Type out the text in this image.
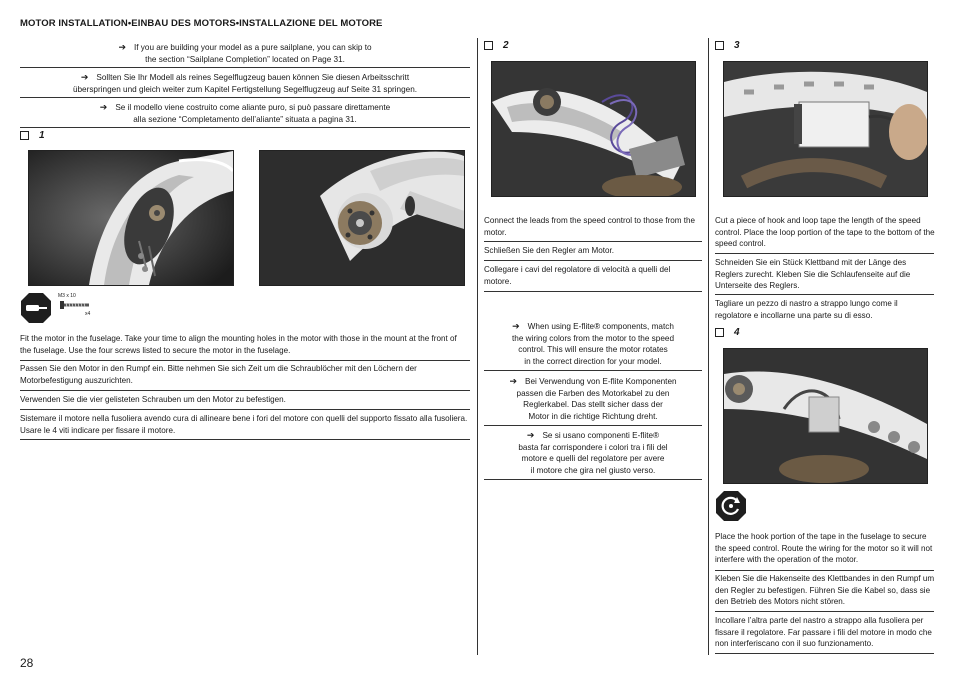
MOTOR INSTALLATION•EINBAU DES MOTORS•INSTALLAZIONE DEL MOTORE
➔ If you are building your model as a pure sailplane, you can skip to
the section “Sailplane Completion” located on Page 31.
➔ Sollten Sie Ihr Modell als reines Segelflugzeug bauen können Sie diesen Arbeitsschritt
überspringen und gleich weiter zum Kapitel Fertigstellung Segelflugzeug auf Seite 31 springen.
➔ Se il modello viene costruito come aliante puro, si può passare direttamente
alla sezione “Completamento dell’aliante” situata a pagina 31.
1
M3 x 10
x4
Fit the motor in the fuselage. Take your time to align the mounting holes in the motor with those in the mount at the front of the fuselage. Use the four screws listed to secure the motor in the fuselage.
Passen Sie den Motor in den Rumpf ein. Bitte nehmen Sie sich Zeit um die Schraublöcher mit den Löchern der Motorbefestigung auszurichten.
Verwenden Sie die vier gelisteten Schrauben um den Motor zu befestigen.
Sistemare il motore nella fusoliera avendo cura di allineare bene i fori del motore con quelli del supporto fissato alla fusoliera. Usare le 4 viti indicare per fissare il motore.
2
Connect the leads from the speed control to those from the motor.
Schließen Sie den Regler am Motor.
Collegare i cavi del regolatore di velocità a quelli del motore.
➔ When using E-flite® components, match
the wiring colors from the motor to the speed
control. This will ensure the motor rotates
in the correct direction for your model.
➔ Bei Verwendung von E-flite Komponenten
passen die Farben des Motorkabel zu den
Reglerkabel. Das stellt sicher dass der
Motor in die richtige Richtung dreht.
➔ Se si usano componenti E-flite®
basta far corrispondere i colori tra i fili del
motore e quelli del regolatore per avere
il motore che gira nel giusto verso.
3
Cut a piece of hook and loop tape the length of the speed control. Place the loop portion of the tape to the bottom of the speed control.
Schneiden Sie ein Stück Klettband mit der Länge des Reglers zurecht. Kleben Sie die Schlaufenseite auf die Unterseite des Reglers.
Tagliare un pezzo di nastro a strappo lungo come il regolatore e incollarne una parte su di esso.
4
Place the hook portion of the tape in the fuselage to secure the speed control. Route the wiring for the motor so it will not interfere with the operation of the motor.
Kleben Sie die Hakenseite des Klettbandes in den Rumpf um den Regler zu befestigen. Führen Sie die Kabel so, dass sie den Betrieb des Motors nicht stören.
Incollare l’altra parte del nastro a strappo alla fusoliera per fissare il regolatore. Far passare i fili del motore in modo che non interferiscano con il suo funzionamento.
28
